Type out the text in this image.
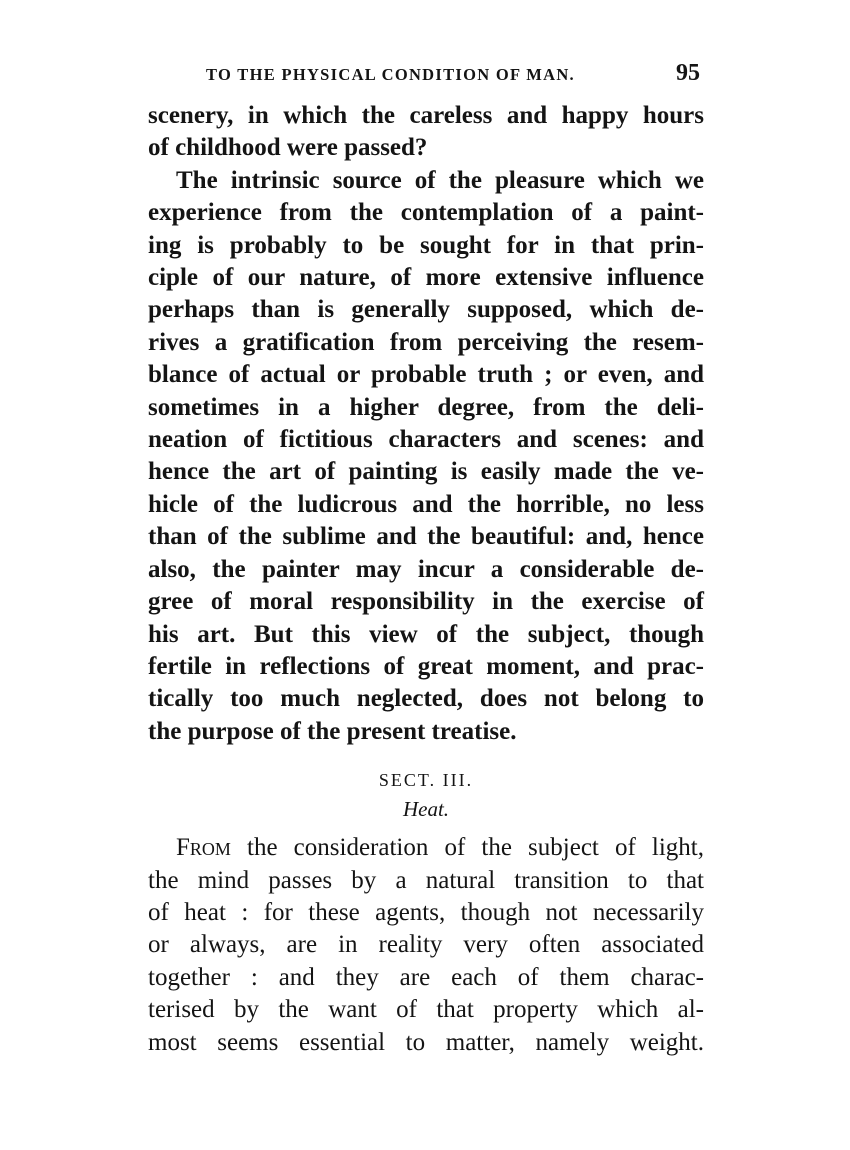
TO THE PHYSICAL CONDITION OF MAN.	95

scenery, in which the careless and happy hours
of childhood were passed?

The intrinsic source of the pleasure which we
experience from the contemplation of a paint-
ing is probably to be sought for in that prin-
ciple of our nature, of more extensive influence
perhaps than is generally supposed, which de-
rives a gratification from perceiving the resem-
blance of actual or probable truth ; or even, and
sometimes in a higher degree, from the deli-
neation of fictitious characters and scenes: and
hence the art of painting is easily made the ve-
hicle of the ludicrous and the horrible, no less
than of the sublime and the beautiful: and, hence
also, the painter may incur a considerable de-
gree of moral responsibility in the exercise of
his art. But this view of the subject, though
fertile in reflections of great moment, and prac-
tically too much neglected, does not belong to
the purpose of the present treatise.

SECT. III.
Heat.

From the consideration of the subject of light,
the mind passes by a natural transition to that
of heat : for these agents, though not necessarily
or always, are in reality very often associated
together : and they are each of them charac-
terised by the want of that property which al-
most seems essential to matter, namely weight.
